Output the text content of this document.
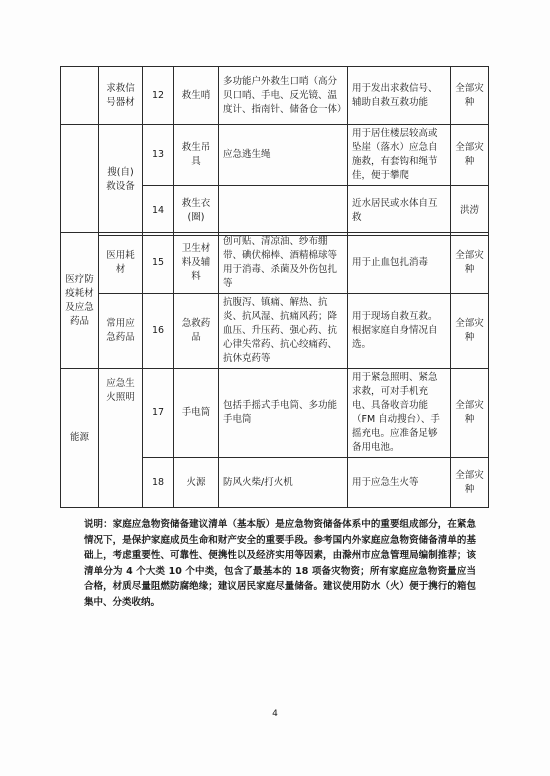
	求救信号器材	12	救生哨	多功能户外救生口哨（高分贝口哨、手电、反光镜、温度计、指南针、储备仓一体）	用于发出求救信号、辅助自救互救功能	全部灾种
	搜(自)救设备	13	救生吊具	应急逃生绳	用于居住楼层较高或坠崖（落水）应急自施救，有套钩和绳节佳，便于攀爬	全部灾种
		14	救生衣(圈)		近水居民或水体自互救	洪涝
医疗防疫耗材及应急药品	医用耗材	15	卫生材料及辅料	创可贴、清凉油、纱布绷带、碘伏棉棒、酒精棉球等用于消毒、杀菌及外伤包扎等	用于止血包扎消毒	全部灾种
	常用应急药品	16	急救药品	抗腹泻、镇痛、解热、抗炎、抗风湿、抗痛风药；降血压、升压药、强心药、抗心律失常药、抗心绞痛药、抗休克药等	用于现场自救互救。根据家庭自身情况自选。	全部灾种
能源	应急生火照明	17	手电筒	包括手摇式手电筒、多功能手电筒	用于紧急照明、紧急求救，可对手机充电、具备收音功能（FM 自动搜台）、手摇充电。应准备足够备用电池。	全部灾种
		18	火源	防风火柴/打火机	用于应急生火等	全部灾种
说明：家庭应急物资储备建议清单（基本版）是应急物资储备体系中的重要组成部分，在紧急情况下，是保护家庭成员生命和财产安全的重要手段。参考国内外家庭应急物资储备清单的基础上，考虑重要性、可靠性、便携性以及经济实用等因素，由滁州市应急管理局编制推荐；该清单分为 4 个大类 10 个中类，包含了最基本的 18 项备灾物资；所有家庭应急物资量应当合格，材质尽量阻燃防腐绝缘；建议居民家庭尽量储备。建议使用防水（火）便于携行的箱包集中、分类收纳。
4
